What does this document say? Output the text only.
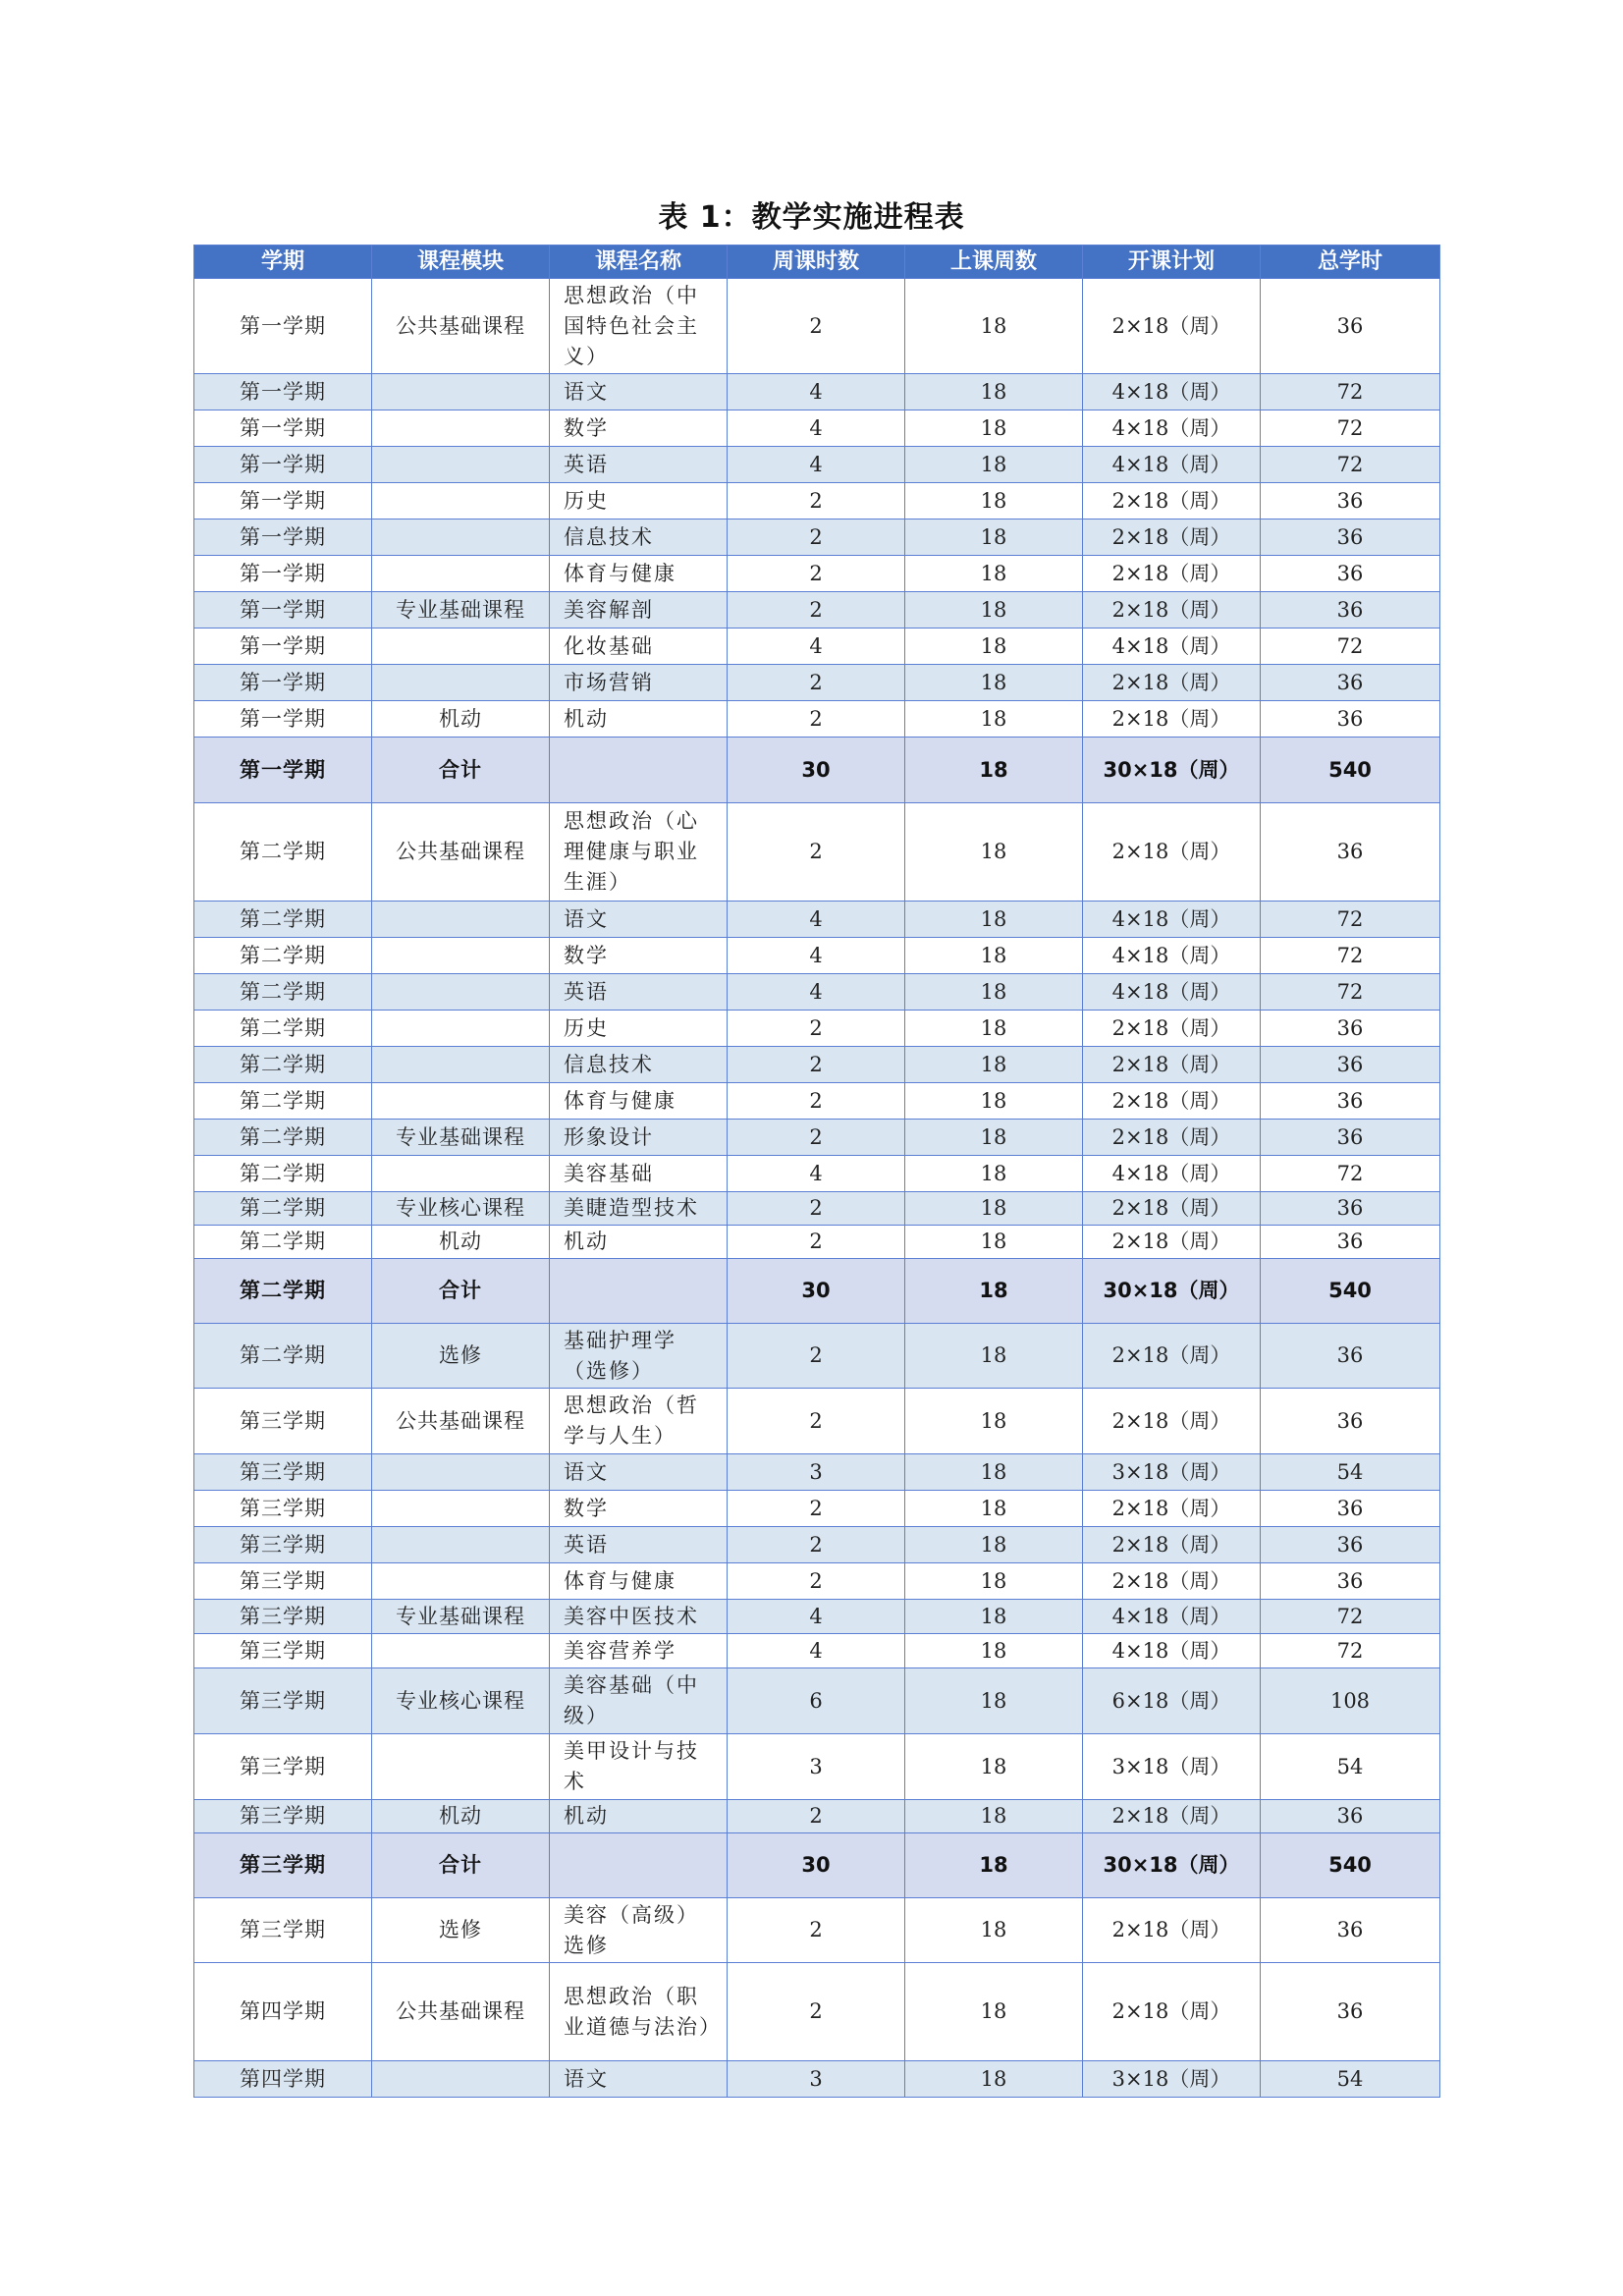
表 1：教学实施进程表
学期	课程模块	课程名称	周课时数	上课周数	开课计划	总学时
第一学期	公共基础课程	思想政治（中国特色社会主义）	2	18	2×18（周）	36
第一学期		语文	4	18	4×18（周）	72
第一学期		数学	4	18	4×18（周）	72
第一学期		英语	4	18	4×18（周）	72
第一学期		历史	2	18	2×18（周）	36
第一学期		信息技术	2	18	2×18（周）	36
第一学期		体育与健康	2	18	2×18（周）	36
第一学期	专业基础课程	美容解剖	2	18	2×18（周）	36
第一学期		化妆基础	4	18	4×18（周）	72
第一学期		市场营销	2	18	2×18（周）	36
第一学期	机动	机动	2	18	2×18（周）	36
第一学期	合计		30	18	30×18（周）	540
第二学期	公共基础课程	思想政治（心理健康与职业生涯）	2	18	2×18（周）	36
第二学期		语文	4	18	4×18（周）	72
第二学期		数学	4	18	4×18（周）	72
第二学期		英语	4	18	4×18（周）	72
第二学期		历史	2	18	2×18（周）	36
第二学期		信息技术	2	18	2×18（周）	36
第二学期		体育与健康	2	18	2×18（周）	36
第二学期	专业基础课程	形象设计	2	18	2×18（周）	36
第二学期		美容基础	4	18	4×18（周）	72
第二学期	专业核心课程	美睫造型技术	2	18	2×18（周）	36
第二学期	机动	机动	2	18	2×18（周）	36
第二学期	合计		30	18	30×18（周）	540
第二学期	选修	基础护理学（选修）	2	18	2×18（周）	36
第三学期	公共基础课程	思想政治（哲学与人生）	2	18	2×18（周）	36
第三学期		语文	3	18	3×18（周）	54
第三学期		数学	2	18	2×18（周）	36
第三学期		英语	2	18	2×18（周）	36
第三学期		体育与健康	2	18	2×18（周）	36
第三学期	专业基础课程	美容中医技术	4	18	4×18（周）	72
第三学期		美容营养学	4	18	4×18（周）	72
第三学期	专业核心课程	美容基础（中级）	6	18	6×18（周）	108
第三学期		美甲设计与技术	3	18	3×18（周）	54
第三学期	机动	机动	2	18	2×18（周）	36
第三学期	合计		30	18	30×18（周）	540
第三学期	选修	美容（高级）选修	2	18	2×18（周）	36
第四学期	公共基础课程	思想政治（职业道德与法治）	2	18	2×18（周）	36
第四学期		语文	3	18	3×18（周）	54
